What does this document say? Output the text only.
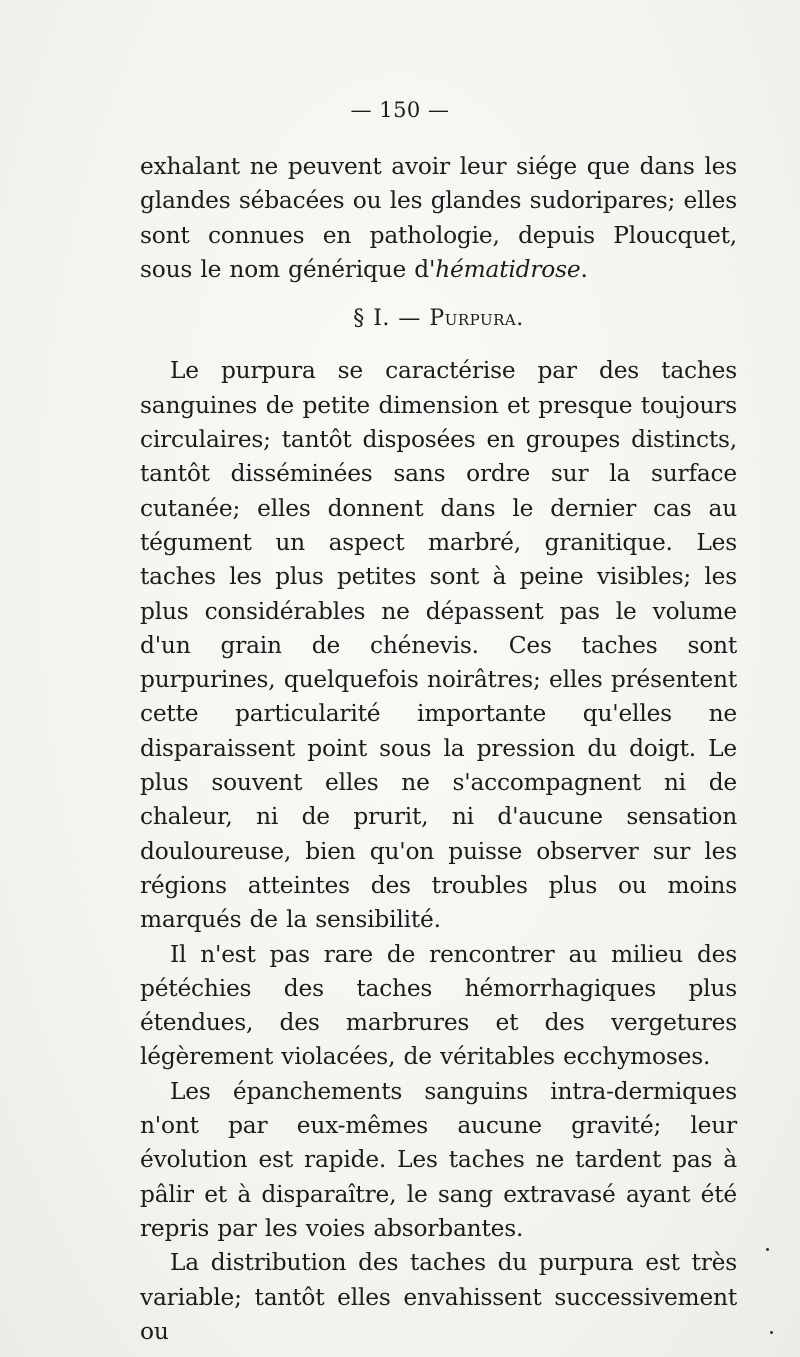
— 150 —

exhalant ne peuvent avoir leur siége que dans les glandes sébacées ou les glandes sudoripares; elles sont connues en pathologie, depuis Ploucquet, sous le nom générique d'hématidrose.

§ I. — Purpura.

Le purpura se caractérise par des taches sanguines de petite dimension et presque toujours circulaires; tantôt disposées en groupes distincts, tantôt disséminées sans ordre sur la surface cutanée; elles donnent dans le dernier cas au tégument un aspect marbré, granitique. Les taches les plus petites sont à peine visibles; les plus considérables ne dépassent pas le volume d'un grain de chénevis. Ces taches sont purpurines, quelquefois noirâtres; elles présentent cette particularité importante qu'elles ne disparaissent point sous la pression du doigt. Le plus souvent elles ne s'accompagnent ni de chaleur, ni de prurit, ni d'aucune sensation douloureuse, bien qu'on puisse observer sur les régions atteintes des troubles plus ou moins marqués de la sensibilité.

Il n'est pas rare de rencontrer au milieu des pétéchies des taches hémorrhagiques plus étendues, des marbrures et des vergetures légèrement violacées, de véritables ecchymoses.

Les épanchements sanguins intra-dermiques n'ont par eux-mêmes aucune gravité; leur évolution est rapide. Les taches ne tardent pas à pâlir et à disparaître, le sang extravasé ayant été repris par les voies absorbantes.

La distribution des taches du purpura est très variable; tantôt elles envahissent successivement ou
